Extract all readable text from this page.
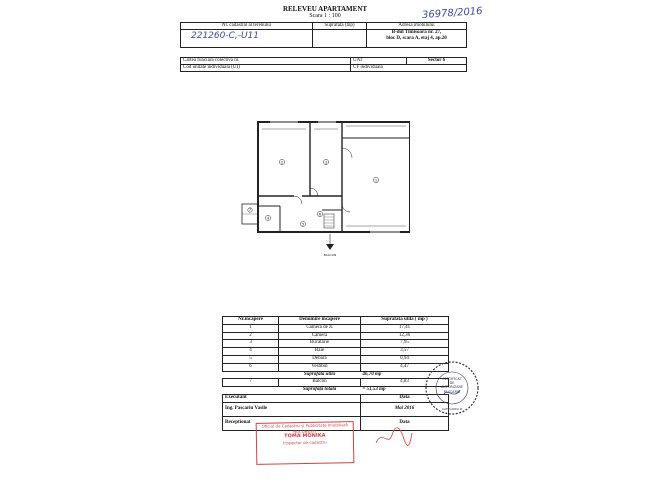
RELEVEU APARTAMENT
Scara 1 : 100	36978/2016
Nr. cadastral al terenului	Suprafata (mp)	Adresa imobilului
221260-C,-U11		B-dul Timisoara nr. 27,
bloc D, scara A, etaj 4, ap.20
Cartea funciara colectiva nr.	UAT	Sector 6
Cod unitate individuala (UI)	CF individuala	
1
2	3
4
5
6
7
BALCON
Nr.incapere	Denumire incapere	Suprafata utila ( mp )
1	Camera de zi	17,41
2	Camera	12,36
3	Bucatarie	7,95
4	Baie	3,57
5	Debara	0,94
6	Vestibul	4,47
	Suprafata utila	46,70 mp
7	Balcon	4,83
	Suprafața totala	= 51,53 mp
Executant		Data
Ing. Pascariu Vasile		Mai 2016
Receptionat		Data
Oficiul de Cadastru și Publicitate Imobiliară
BUCUREȘTI
TOMA MONIKA
Inspector de cadastru
CERTIFICAT
DE
AUTORIZARE
PASCARIU
CATEGORIA B
